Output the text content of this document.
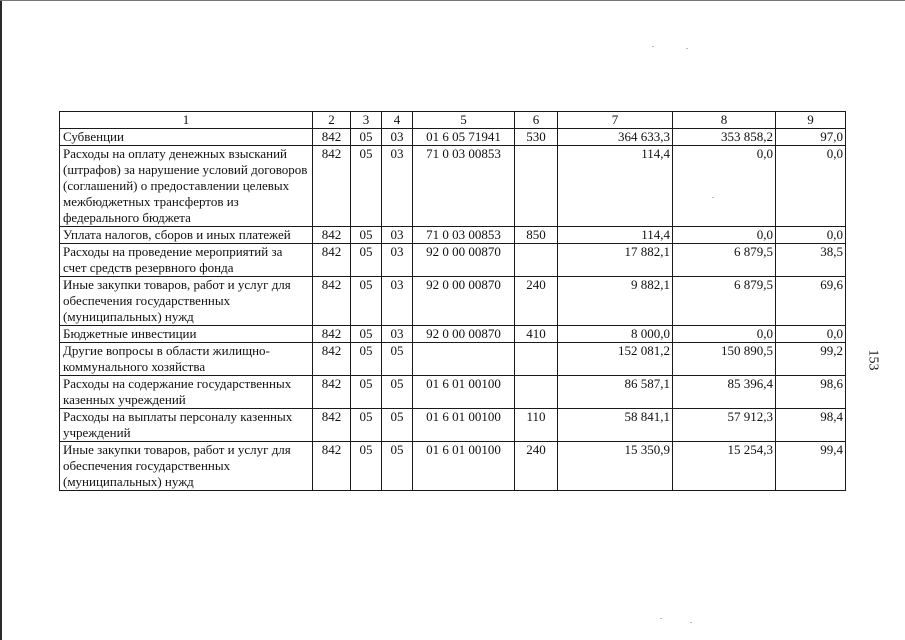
1	2	3	4	5	6	7	8	9
Субвенции	842	05	03	01 6 05 71941	530	364 633,3	353 858,2	97,0
Расходы на оплату денежных взысканий (штрафов) за нарушение условий договоров (соглашений) о предоставлении целевых межбюджетных трансфертов из федерального бюджета	842	05	03	71 0 03 00853		114,4	0,0	0,0
Уплата налогов, сборов и иных платежей	842	05	03	71 0 03 00853	850	114,4	0,0	0,0
Расходы на проведение мероприятий за счет средств резервного фонда	842	05	03	92 0 00 00870		17 882,1	6 879,5	38,5
Иные закупки товаров, работ и услуг для обеспечения государственных (муниципальных) нужд	842	05	03	92 0 00 00870	240	9 882,1	6 879,5	69,6
Бюджетные инвестиции	842	05	03	92 0 00 00870	410	8 000,0	0,0	0,0
Другие вопросы в области жилищно-коммунального хозяйства	842	05	05			152 081,2	150 890,5	99,2
Расходы на содержание государственных казенных учреждений	842	05	05	01 6 01 00100		86 587,1	85 396,4	98,6
Расходы на выплаты персоналу казенных учреждений	842	05	05	01 6 01 00100	110	58 841,1	57 912,3	98,4
Иные закупки товаров, работ и услуг для обеспечения государственных (муниципальных) нужд	842	05	05	01 6 01 00100	240	15 350,9	15 254,3	99,4
153
